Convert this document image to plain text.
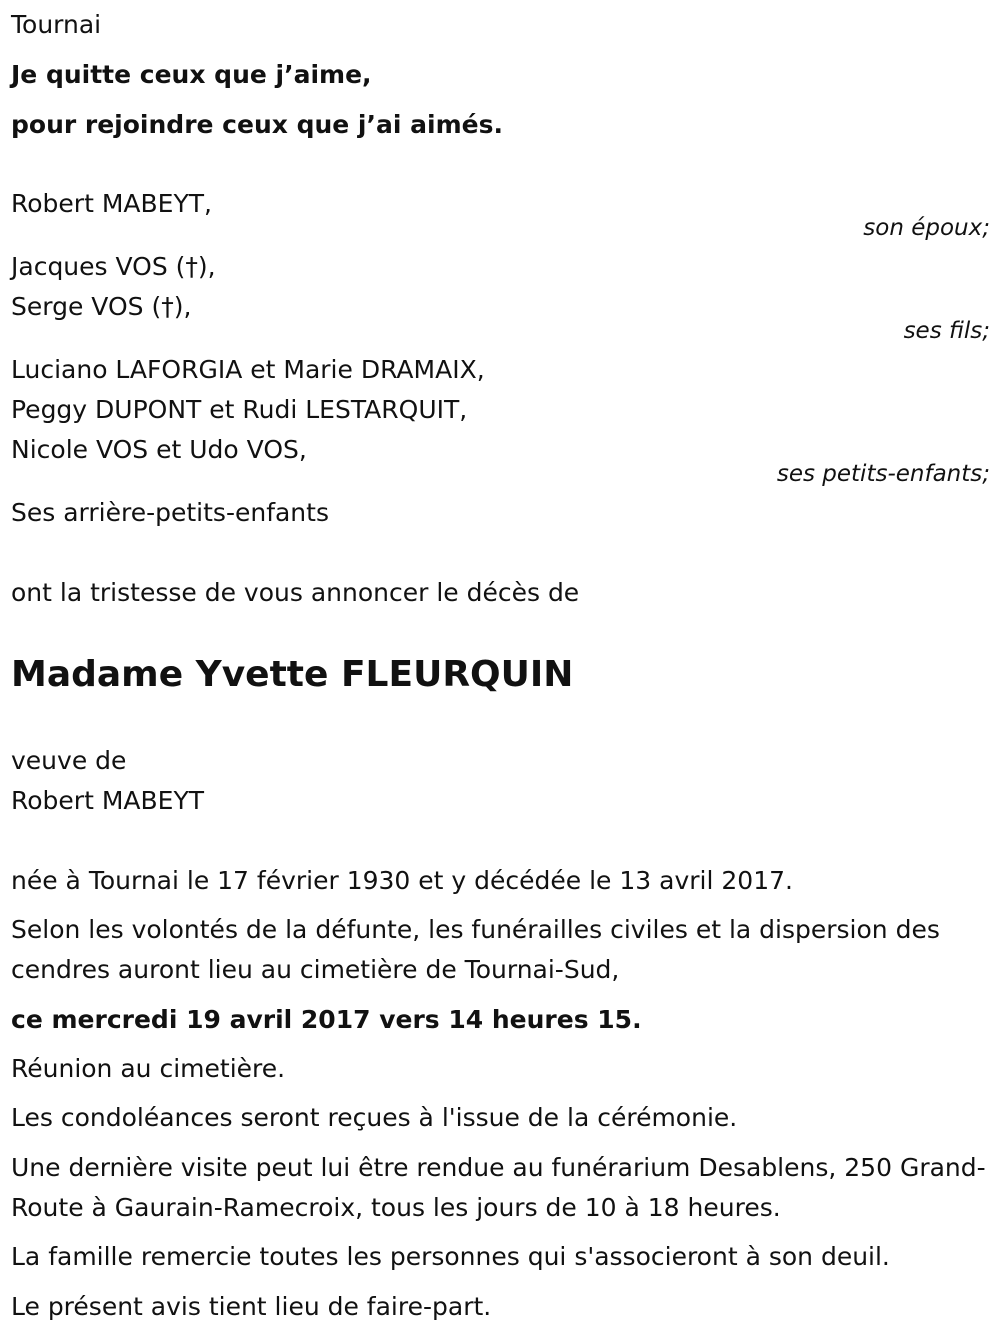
Tournai
Je quitte ceux que j’aime,
pour rejoindre ceux que j’ai aimés.
Robert MABEYT,
son époux;
Jacques VOS (†),
Serge VOS (†),
ses fils;
Luciano LAFORGIA et Marie DRAMAIX,
Peggy DUPONT et Rudi LESTARQUIT,
Nicole VOS et Udo VOS,
ses petits-enfants;
Ses arrière-petits-enfants
ont la tristesse de vous annoncer le décès de
Madame Yvette FLEURQUIN
veuve de
Robert MABEYT
née à Tournai le 17 février 1930 et y décédée le 13 avril 2017.
Selon les volontés de la défunte, les funérailles civiles et la dispersion des cendres auront lieu au cimetière de Tournai-Sud,
ce mercredi 19 avril 2017 vers 14 heures 15.
Réunion au cimetière.
Les condoléances seront reçues à l'issue de la cérémonie.
Une dernière visite peut lui être rendue au funérarium Desablens, 250 Grand-Route à Gaurain-Ramecroix, tous les jours de 10 à 18 heures.
La famille remercie toutes les personnes qui s'associeront à son deuil.
Le présent avis tient lieu de faire-part.
